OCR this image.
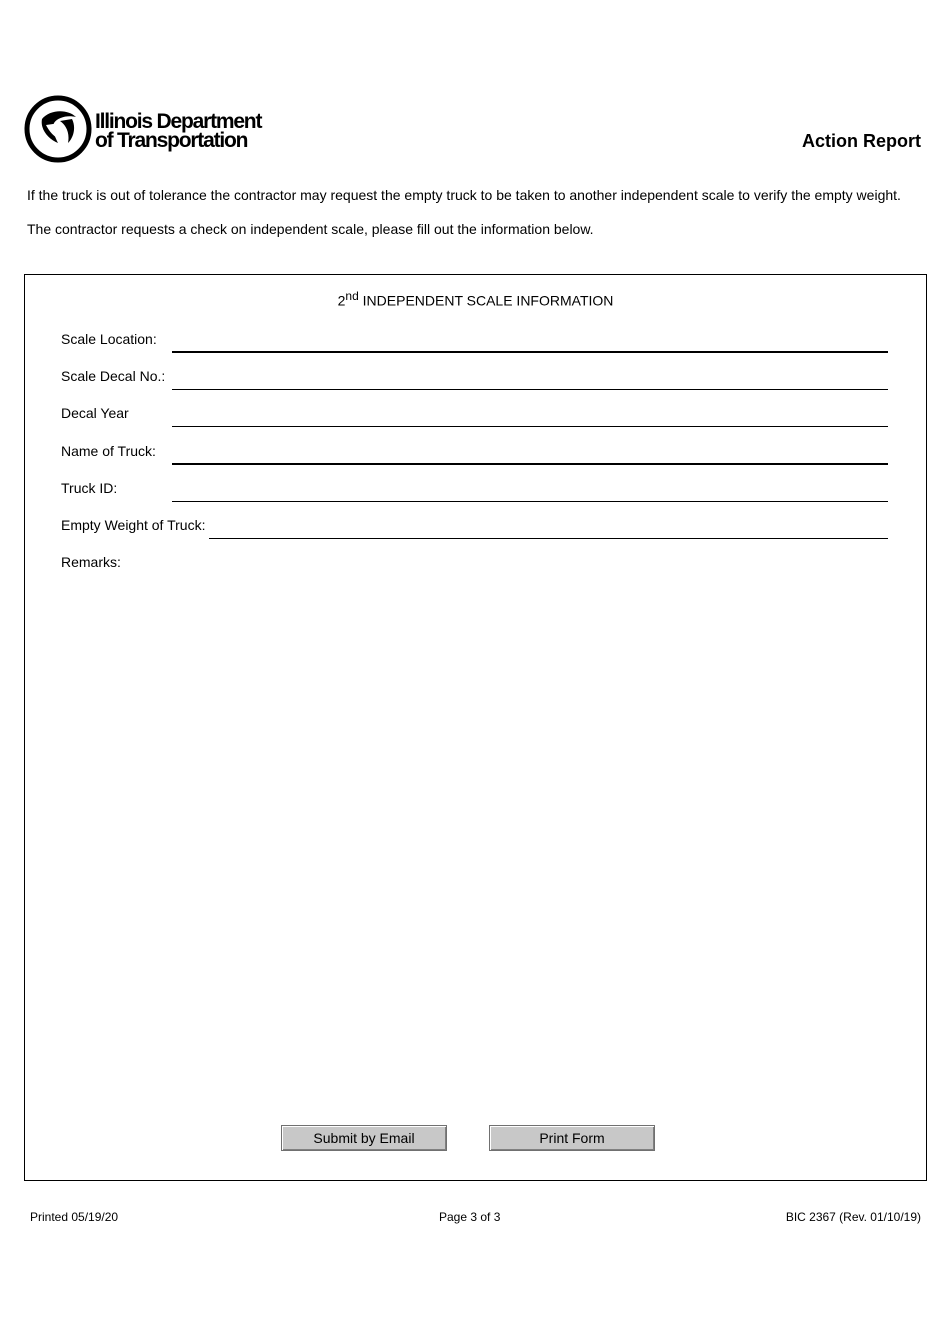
Illinois Department
of Transportation	Action Report
If the truck is out of tolerance the contractor may request the empty truck to be taken to another independent scale to verify the empty weight.
The contractor requests a check on independent scale, please fill out the information below.
2nd INDEPENDENT SCALE INFORMATION
Scale Location:
Scale Decal No.:
Decal Year
Name of Truck:
Truck ID:
Empty Weight of Truck:
Remarks:
Submit by Email	Print Form
Printed 05/19/20	Page 3 of 3	BIC 2367 (Rev. 01/10/19)
